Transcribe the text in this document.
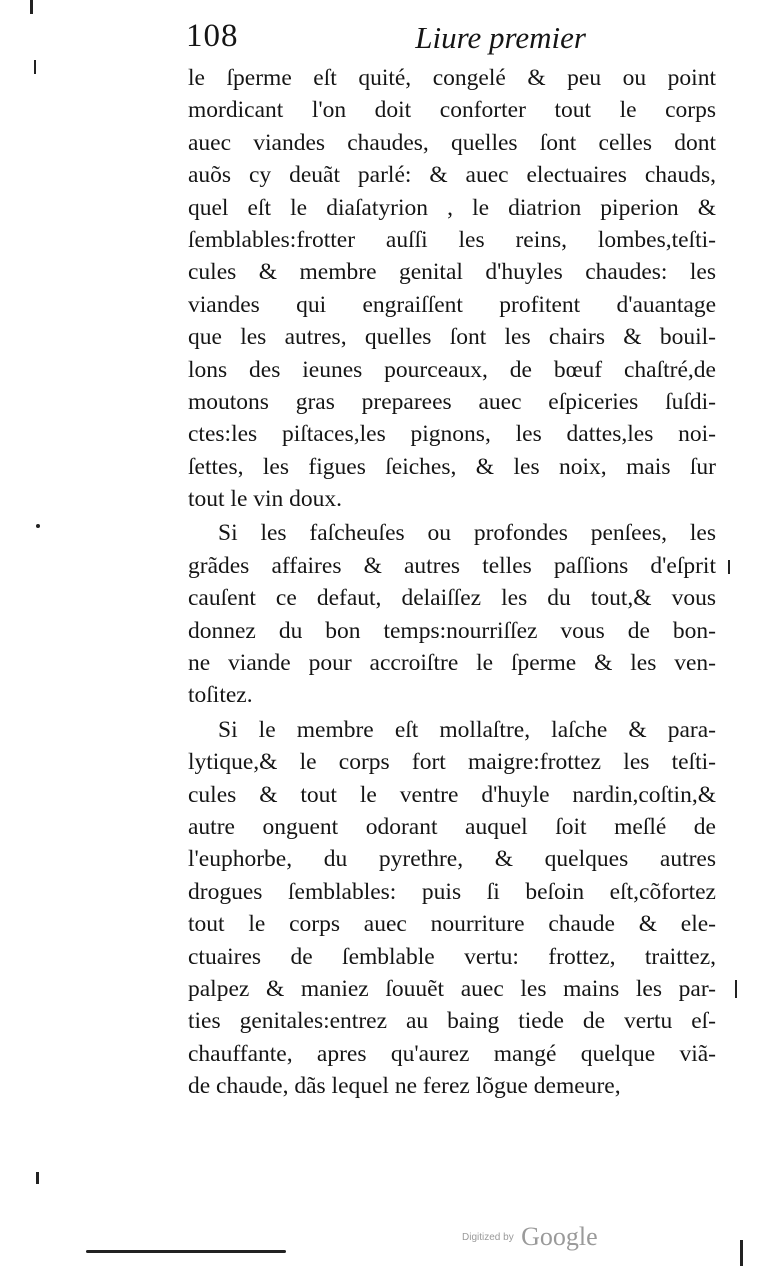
108	Liure premier
le ſperme eſt quité, congelé & peu ou point
mordicant l'on doit conforter tout le corps
auec viandes chaudes, quelles ſont celles dont
auõs cy deuãt parlé: & auec electuaires chauds,
quel eſt le diaſatyrion , le diatrion piperion &
ſemblables:frotter auſſi les reins, lombes,teſti-
cules & membre genital d'huyles chaudes: les
viandes qui engraiſſent profitent d'auantage
que les autres, quelles ſont les chairs & bouil-
lons des ieunes pourceaux, de bœuf chaſtré,de
moutons gras preparees auec eſpiceries ſuſdi-
ctes:les piſtaces,les pignons, les dattes,les noi-
ſettes, les figues ſeiches, & les noix, mais ſur
tout le vin doux.
Si les faſcheuſes ou profondes penſees, les
grãdes affaires & autres telles paſſions d'eſprit
cauſent ce defaut, delaiſſez les du tout,& vous
donnez du bon temps:nourriſſez vous de bon-
ne viande pour accroiſtre le ſperme & les ven-
toſitez.
Si le membre eſt mollaſtre, laſche & para-
lytique,& le corps fort maigre:frottez les teſti-
cules & tout le ventre d'huyle nardin,coſtin,&
autre onguent odorant auquel ſoit meſlé de
l'euphorbe, du pyrethre, & quelques autres
drogues ſemblables: puis ſi beſoin eſt,cõfortez
tout le corps auec nourriture chaude & ele-
ctuaires de ſemblable vertu: frottez, traittez,
palpez & maniez ſouuẽt auec les mains les par-
ties genitales:entrez au baing tiede de vertu eſ-
chauffante, apres qu'aurez mangé quelque viã-
de chaude, dãs lequel ne ferez lõgue demeure,
Digitized by Google
